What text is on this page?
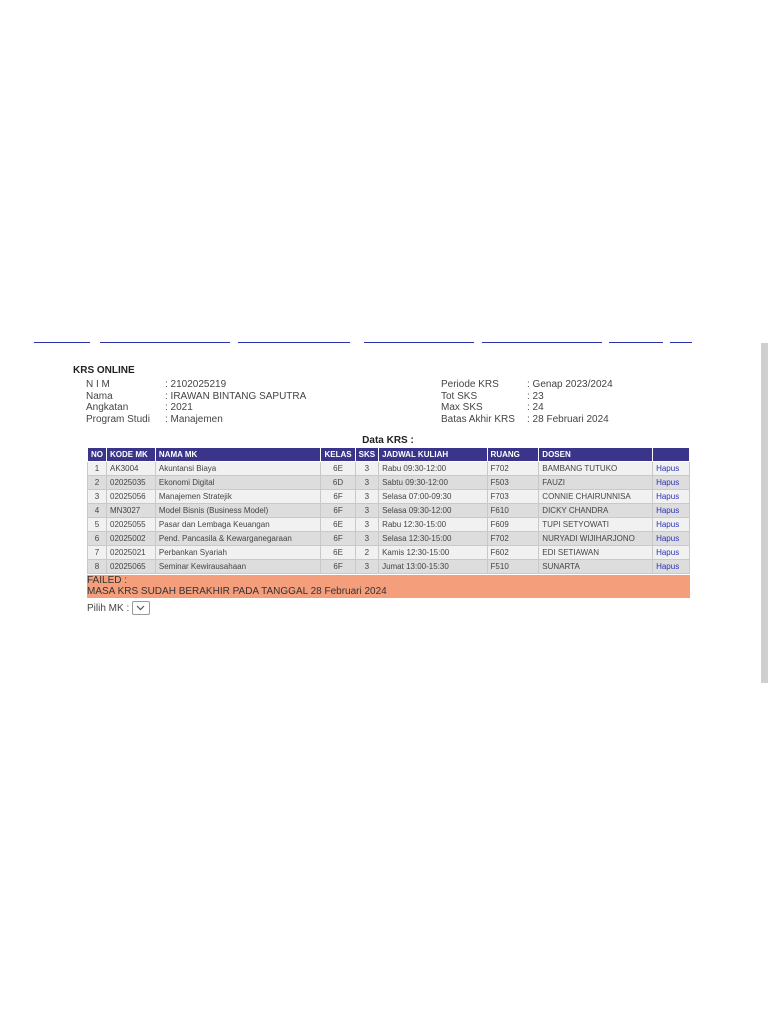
KRS ONLINE
N I M	: 2102025219
Nama	: IRAWAN BINTANG SAPUTRA
Angkatan	: 2021
Program Studi : Manajemen
Periode KRS	: Genap 2023/2024
Tot SKS	: 23
Max SKS	: 24
Batas Akhir KRS : 28 Februari 2024
Data KRS :
NO	KODE MK	NAMA MK	KELAS	SKS	JADWAL KULIAH	RUANG	DOSEN	
1	AK3004	Akuntansi Biaya	6E	3	Rabu 09:30-12:00	F702	BAMBANG TUTUKO	Hapus
2	02025035	Ekonomi Digital	6D	3	Sabtu 09:30-12:00	F503	FAUZI	Hapus
3	02025056	Manajemen Stratejik	6F	3	Selasa 07:00-09:30	F703	CONNIE CHAIRUNNISA	Hapus
4	MN3027	Model Bisnis (Business Model)	6F	3	Selasa 09:30-12:00	F610	DICKY CHANDRA	Hapus
5	02025055	Pasar dan Lembaga Keuangan	6E	3	Rabu 12:30-15:00	F609	TUPI SETYOWATI	Hapus
6	02025002	Pend. Pancasila & Kewarganegaraan	6F	3	Selasa 12:30-15:00	F702	NURYADI WIJIHARJONO	Hapus
7	02025021	Perbankan Syariah	6E	2	Kamis 12:30-15:00	F602	EDI SETIAWAN	Hapus
8	02025065	Seminar Kewirausahaan	6F	3	Jumat 13:00-15:30	F510	SUNARTA	Hapus
FAILED :
MASA KRS SUDAH BERAKHIR PADA TANGGAL 28 Februari 2024
Pilih MK :
